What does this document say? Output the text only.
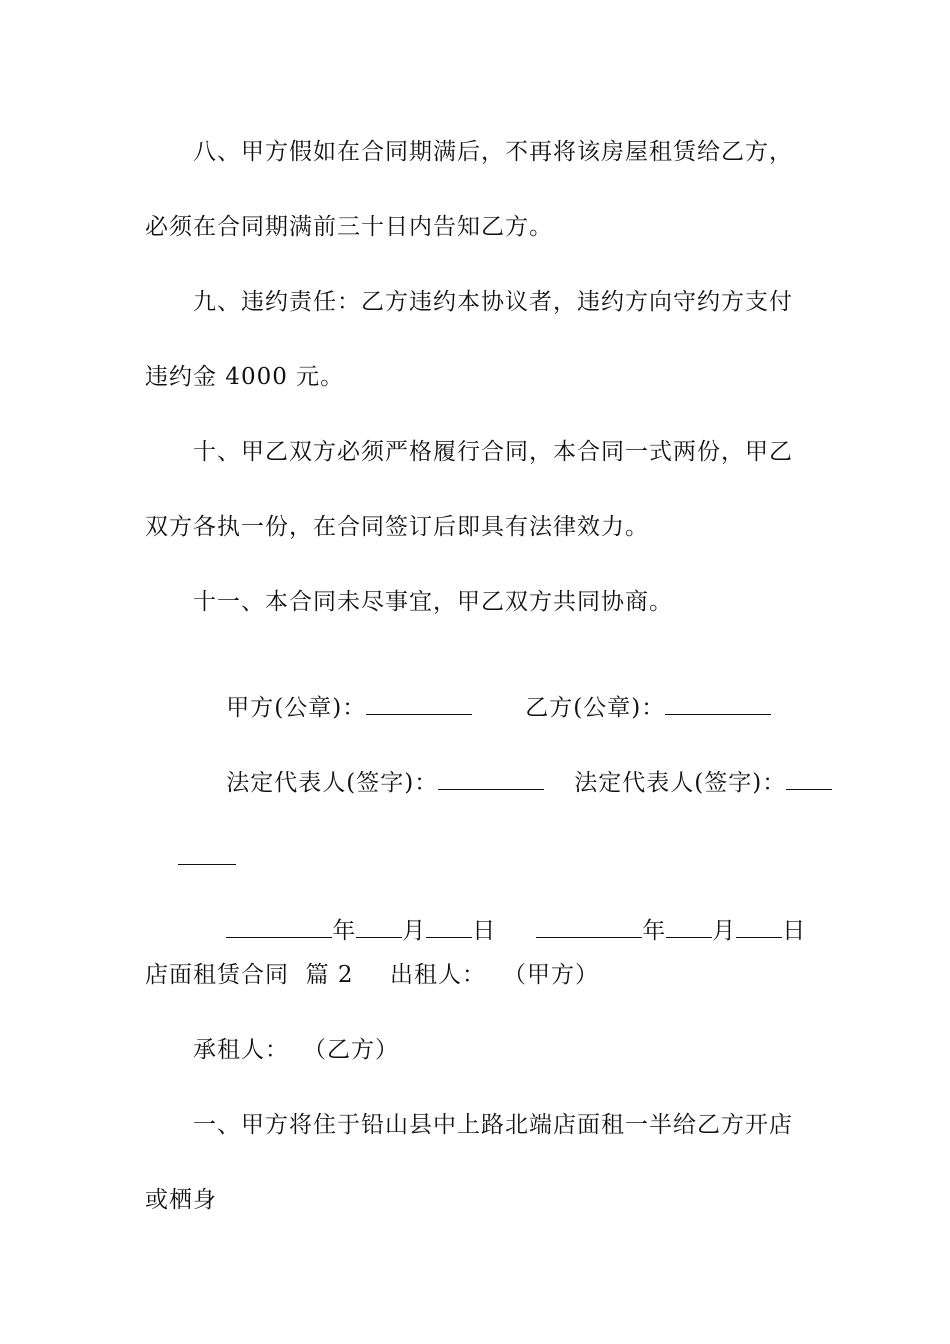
八、甲方假如在合同期满后，不再将该房屋租赁给乙方，
必须在合同期满前三十日内告知乙方。
九、违约责任：乙方违约本协议者，违约方向守约方支付
违约金 4000 元。
十、甲乙双方必须严格履行合同，本合同一式两份，甲乙
双方各执一份，在合同签订后即具有法律效力。
十一、本合同未尽事宜，甲乙双方共同协商。

甲方(公章)：
	乙方(公章)：

法定代表人(签字)：
	法定代表人(签字)：

年 月 日
	年 月 日

店面租赁合同  篇 2 出租人： （甲方）
承租人： （乙方）
一、甲方将住于铅山县中上路北端店面租一半给乙方开店
或栖身
